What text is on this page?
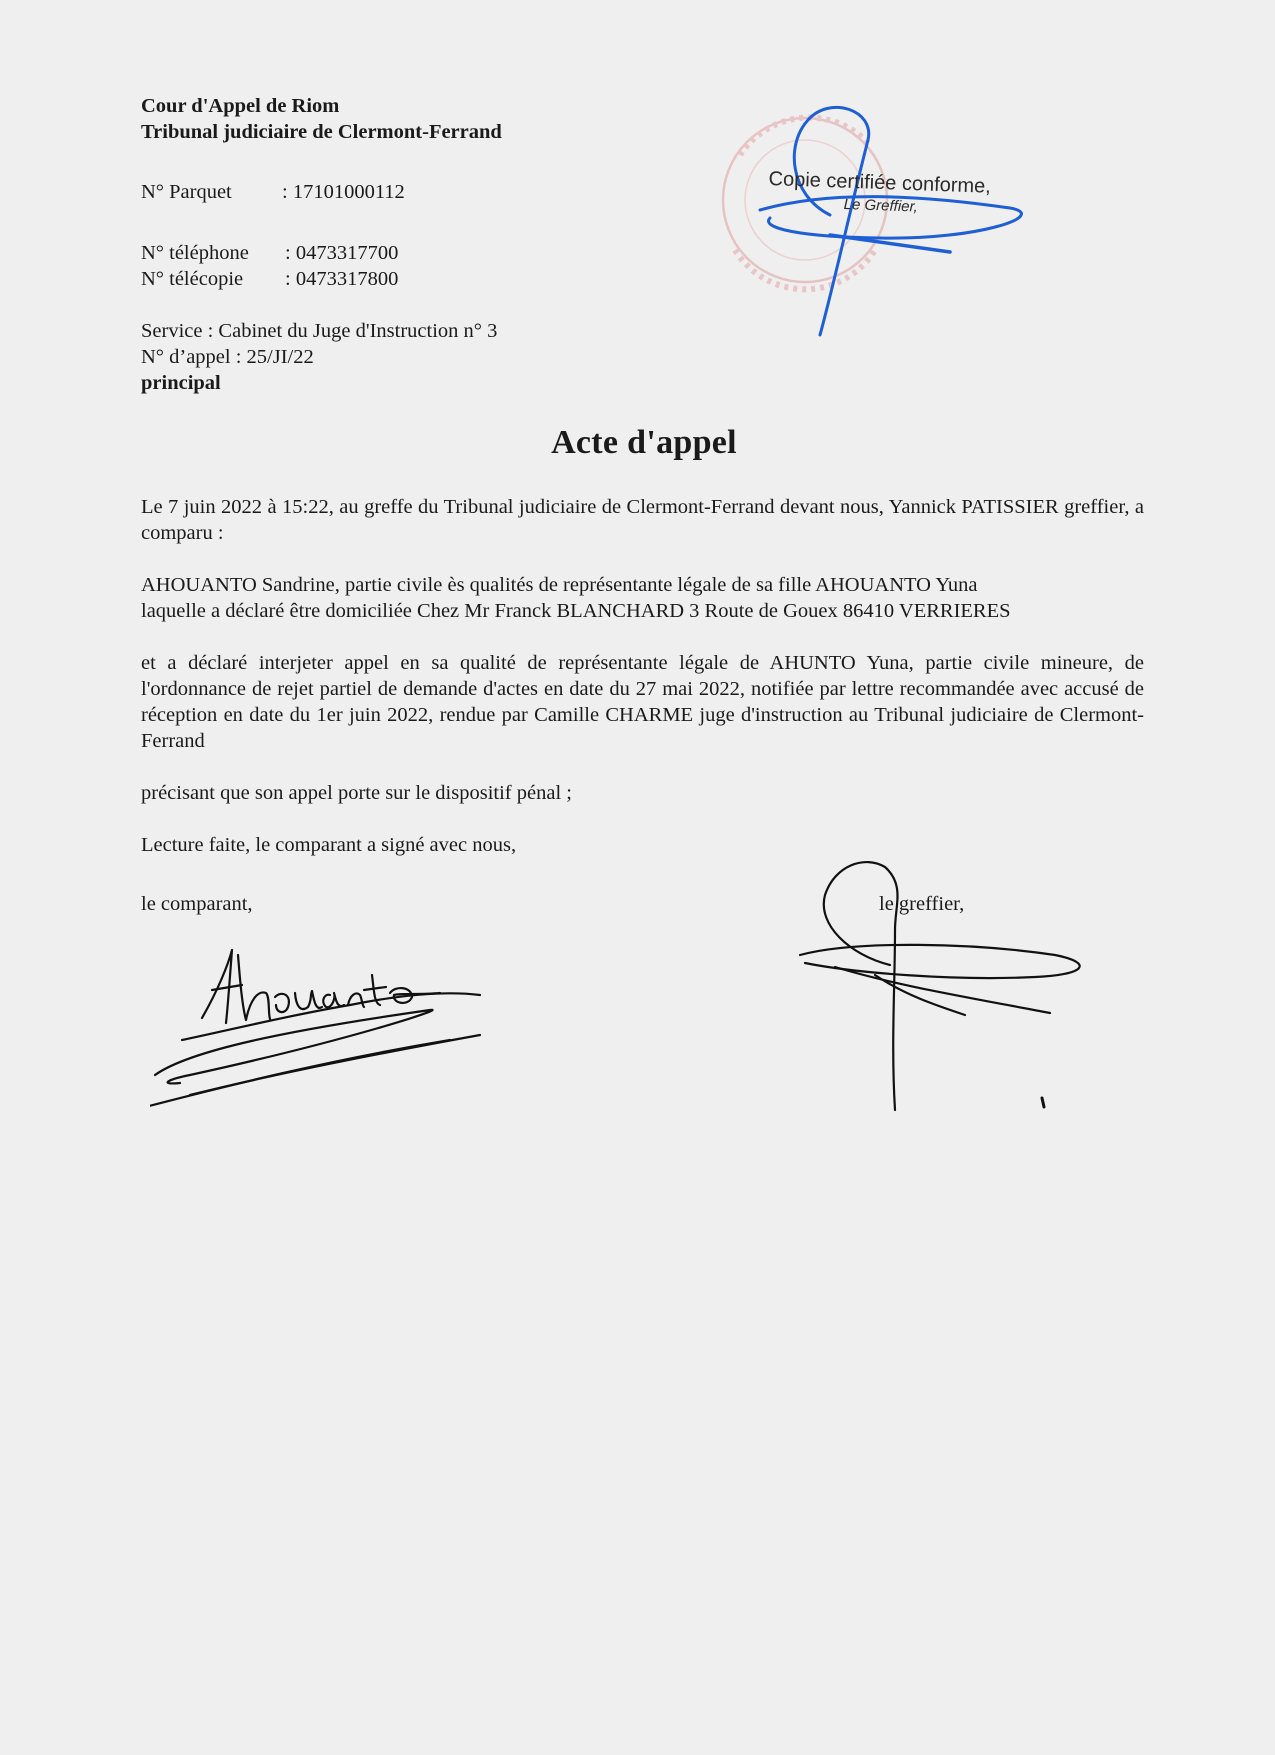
Cour d'Appel de Riom
Tribunal judiciaire de Clermont-Ferrand
N° Parquet : 17101000112
N° téléphone : 0473317700
N° télécopie : 0473317800
Service : Cabinet du Juge d'Instruction n° 3
N° d’appel : 25/JI/22
principal
Copie certifiée conforme,
Le Greffier,
Acte d'appel

Le 7 juin 2022 à 15:22, au greffe du Tribunal judiciaire de Clermont-Ferrand devant nous, Yannick PATISSIER greffier, a comparu :

AHOUANTO Sandrine, partie civile ès qualités de représentante légale de sa fille AHOUANTO Yuna
laquelle a déclaré être domiciliée Chez Mr Franck BLANCHARD 3 Route de Gouex 86410 VERRIERES

et a déclaré interjeter appel en sa qualité de représentante légale de AHUNTO Yuna, partie civile mineure, de l'ordonnance de rejet partiel de demande d'actes en date du 27 mai 2022, notifiée par lettre recommandée avec accusé de réception en date du 1er juin 2022, rendue par Camille CHARME juge d'instruction au Tribunal judiciaire de Clermont-Ferrand

précisant que son appel porte sur le dispositif pénal ;

Lecture faite, le comparant a signé avec nous,

le comparant,	le greffier,
